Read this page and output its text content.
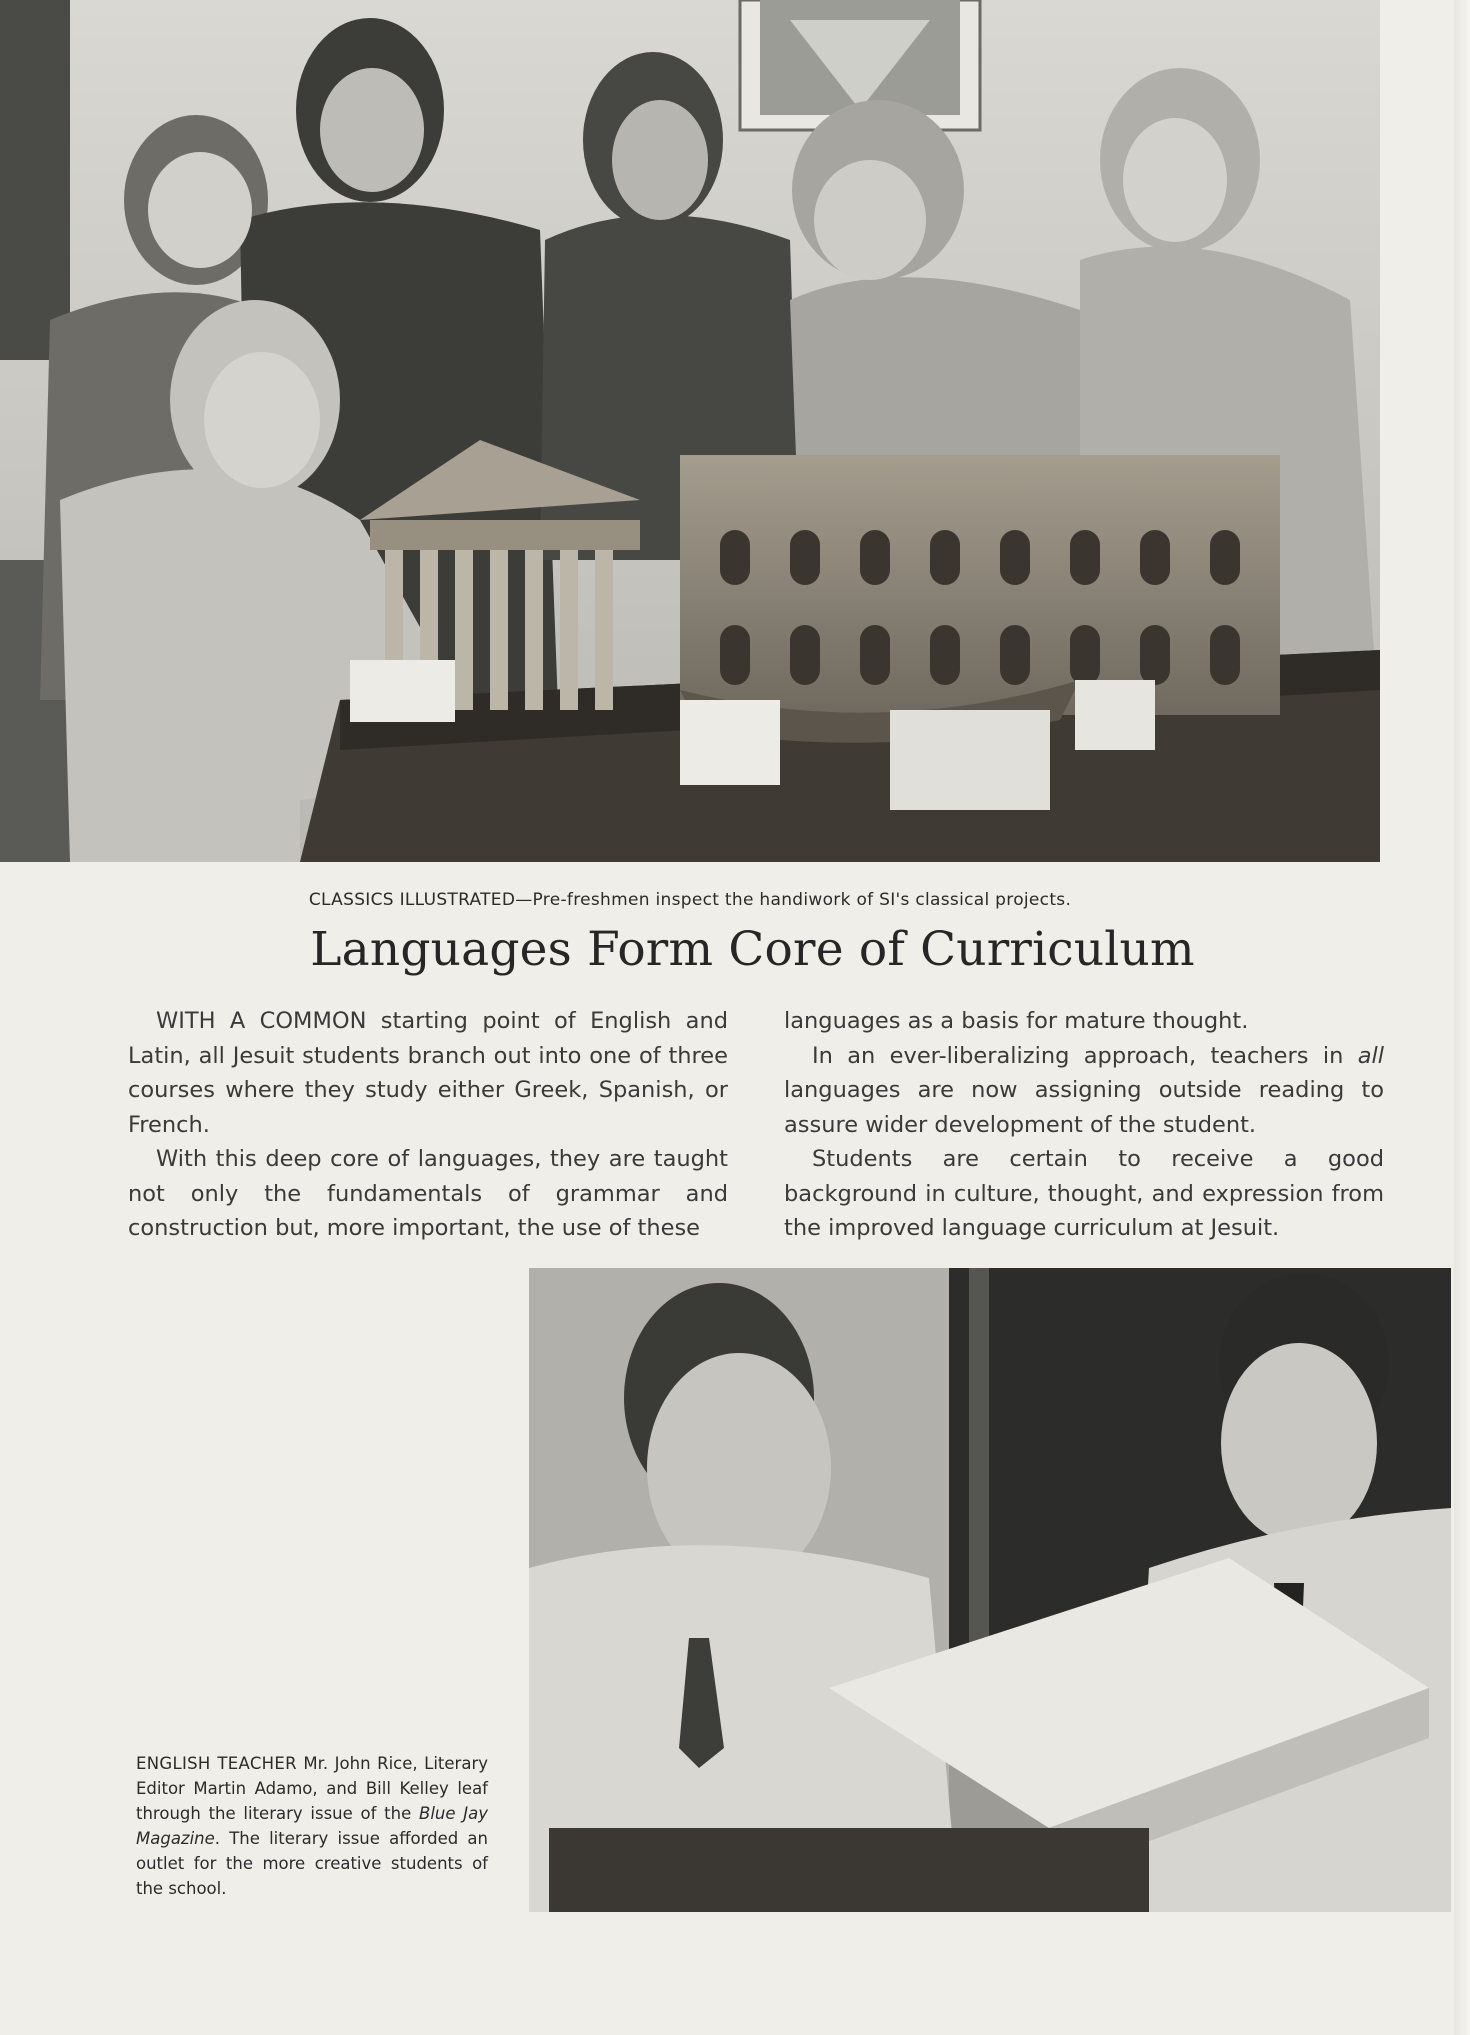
CLASSICS ILLUSTRATED—Pre-freshmen inspect the handiwork of SI's classical projects.
Languages Form Core of Curriculum

WITH A COMMON starting point of English and Latin, all Jesuit students branch out into one of three courses where they study either Greek, Spanish, or French.

With this deep core of languages, they are taught not only the fundamentals of grammar and construction but, more important, the use of these

languages as a basis for mature thought.

In an ever-liberalizing approach, teachers in all languages are now assigning outside reading to assure wider development of the student.

Students are certain to receive a good background in culture, thought, and expression from the improved language curriculum at Jesuit.

ENGLISH TEACHER Mr. John Rice, Literary Editor Martin Adamo, and Bill Kelley leaf through the literary issue of the Blue Jay Magazine. The literary issue afforded an outlet for the more creative students of the school.
